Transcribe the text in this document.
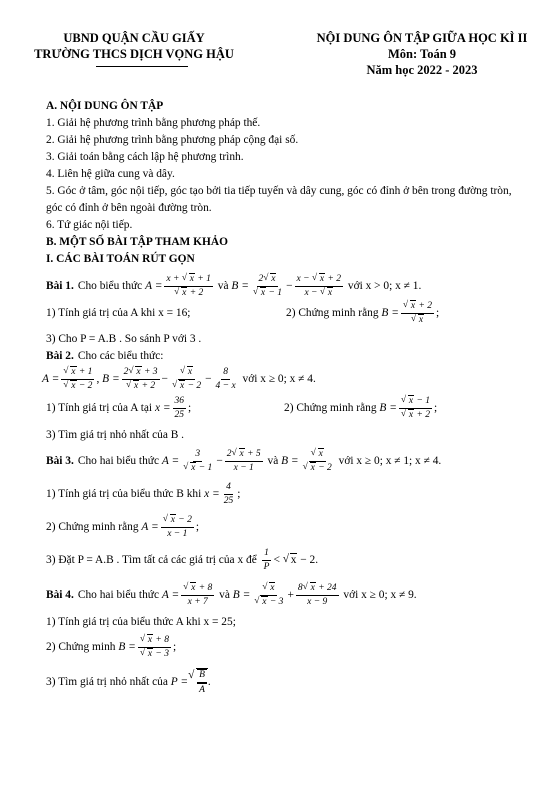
UBND QUẬN CẦU GIẤY
TRƯỜNG THCS DỊCH VỌNG HẬU
NỘI DUNG ÔN TẬP GIỮA HỌC KÌ II
Môn: Toán 9
Năm học 2022 - 2023
A. NỘI DUNG ÔN TẬP
1. Giải hệ phương trình bằng phương pháp thế.
2. Giải hệ phương trình bằng phương pháp cộng đại số.
3. Giải toán bằng cách lập hệ phương trình.
4. Liên hệ giữa cung và dây.
5. Góc ở tâm, góc nội tiếp, góc tạo bởi tia tiếp tuyến và dây cung, góc có đỉnh ở bên trong đường tròn, góc có đỉnh ở bên ngoài đường tròn.
6. Tứ giác nội tiếp.
B. MỘT SỐ BÀI TẬP THAM KHẢO
I. CÁC BÀI TOÁN RÚT GỌN
Bài 1. Cho biểu thức
A = x + √ x + 1
√ x + 2
và
B = 2 √ x
√ $x - 1 - \frac{x - √ x + 2}{x - √ x}$
với x > 0; x ≠ 1.
1) Tính giá trị của A khi x = 16;	2) Chứng minh rằng
B = √ x + 2
√ x ;
3) Cho P = A.B . So sánh P với 3 .
Bài 2. Cho các biểu thức:
A = √ x + 1
√ x − 2 , B = 2 √ x + 3
√ x + 2 − √ x
√ $x - 2 - \frac{8}{4 - x}$
với x ≥ 0; x ≠ 4.
1) Tính giá trị của A tại
$x = \frac{36}{25}$ ;	2) Chứng minh rằng
B = √ x − 1
√ x + 2 ;
3) Tìm giá trị nhỏ nhất của B .
Bài 3. Cho hai biểu thức
A = 3
√ $x - 1 - \frac{2 √ x + 5}{x - 1}$
và
B = √ x
√ x − 2
với x ≥ 0; x ≠ 1; x ≠ 4.
1) Tính giá trị của biểu thức B khi
$x = \frac{4}{25}$ ;
2) Chứng minh rằng
A = √ $\frac{x - 2}{x - 1}$ ;
3) Đặt P = A.B . Tìm tất cả các giá trị của x để
$\frac{1}{P}$ < √ x − 2.
Bài 4. Cho hai biểu thức
A = √ $\frac{x + 8}{x + 7}$
và
B = √ x
√ $x - 3 + \frac{8 √ x + 24}{x - 9}$
với x ≥ 0; x ≠ 9.
1) Tính giá trị của biểu thức A khi x = 25;
2) Chứng minh
B = √ x + 8
√ x − 3 ;
3) Tìm giá trị nhỏ nhất của
P = √ $\frac{B}{A}$ .
